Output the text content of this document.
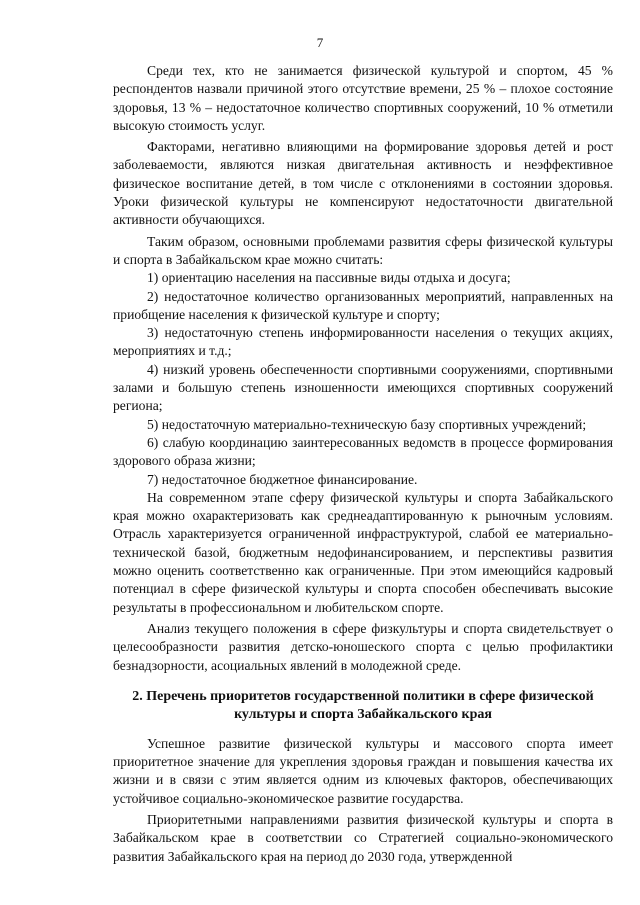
7

Среди тех, кто не занимается физической культурой и спортом, 45 % респондентов назвали причиной этого отсутствие времени, 25 % – плохое состояние здоровья, 13 % – недостаточное количество спортивных сооружений, 10 % отметили высокую стоимость услуг.

Факторами, негативно влияющими на формирование здоровья детей и рост заболеваемости, являются низкая двигательная активность и неэффективное физическое воспитание детей, в том числе с отклонениями в состоянии здоровья. Уроки физической культуры не компенсируют недостаточности двигательной активности обучающихся.

Таким образом, основными проблемами развития сферы физической культуры и спорта в Забайкальском крае можно считать:

1) ориентацию населения на пассивные виды отдыха и досуга;

2) недостаточное количество организованных мероприятий, направленных на приобщение населения к физической культуре и спорту;

3) недостаточную степень информированности населения о текущих акциях, мероприятиях и т.д.;

4) низкий уровень обеспеченности спортивными сооружениями, спортивными залами и большую степень изношенности имеющихся спортивных сооружений региона;

5) недостаточную материально-техническую базу спортивных учреждений;

6) слабую координацию заинтересованных ведомств в процессе формирования здорового образа жизни;

7) недостаточное бюджетное финансирование.

На современном этапе сферу физической культуры и спорта Забайкальского края можно охарактеризовать как среднеадаптированную к рыночным условиям. Отрасль характеризуется ограниченной инфраструктурой, слабой ее материально-технической базой, бюджетным недофинансированием, и перспективы развития можно оценить соответственно как ограниченные. При этом имеющийся кадровый потенциал в сфере физической культуры и спорта способен обеспечивать высокие результаты в профессиональном и любительском спорте.

Анализ текущего положения в сфере физкультуры и спорта свидетельствует о целесообразности развития детско-юношеского спорта с целью профилактики безнадзорности, асоциальных явлений в молодежной среде.

2. Перечень приоритетов государственной политики в сфере физической культуры и спорта Забайкальского края

Успешное развитие физической культуры и массового спорта имеет приоритетное значение для укрепления здоровья граждан и повышения качества их жизни и в связи с этим является одним из ключевых факторов, обеспечивающих устойчивое социально-экономическое развитие государства.

Приоритетными направлениями развития физической культуры и спорта в Забайкальском крае в соответствии со Стратегией социально-экономического развития Забайкальского края на период до 2030 года, утвержденной
